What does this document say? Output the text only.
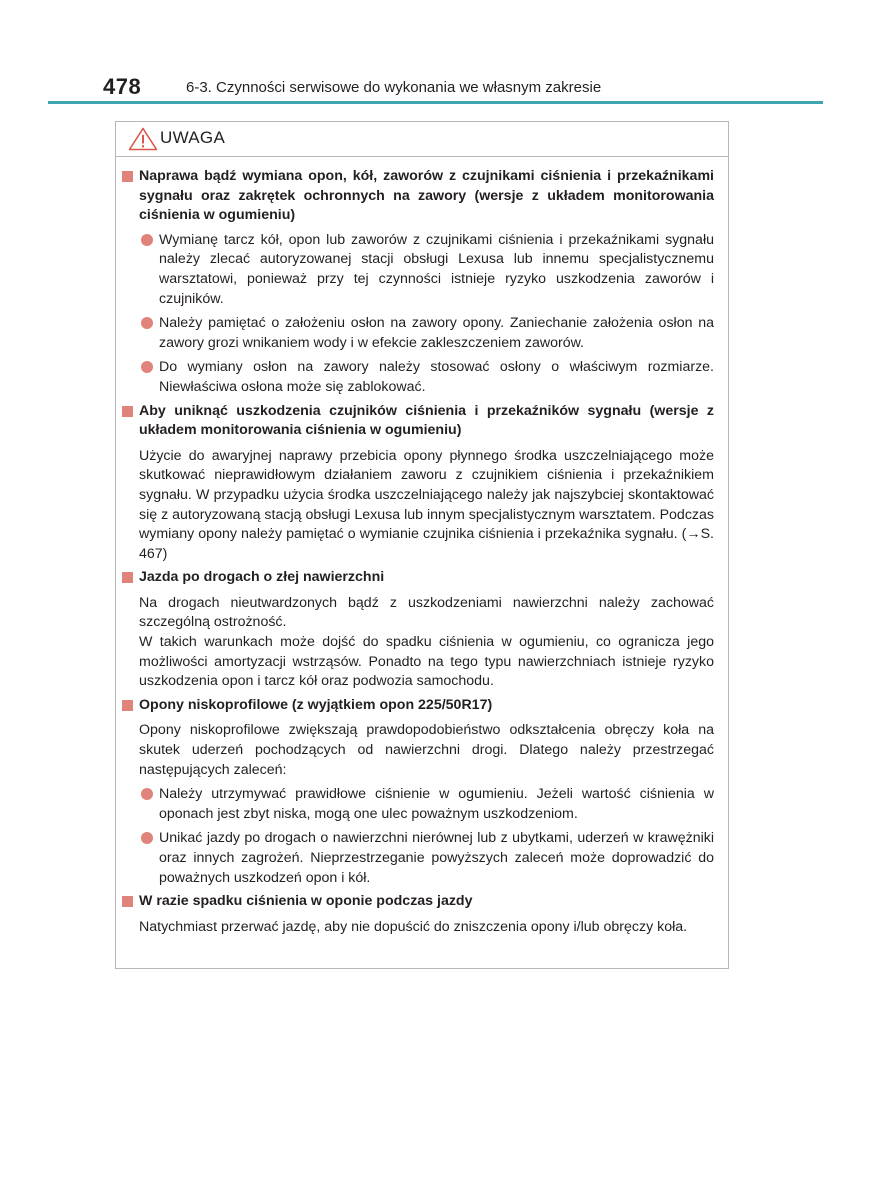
478	6-3. Czynności serwisowe do wykonania we własnym zakresie
UWAGA
Naprawa bądź wymiana opon, kół, zaworów z czujnikami ciśnienia i przekaźnikami sygnału oraz zakrętek ochronnych na zawory (wersje z układem monitorowania ciśnienia w ogumieniu)
Wymianę tarcz kół, opon lub zaworów z czujnikami ciśnienia i przekaźnikami sygnału należy zlecać autoryzowanej stacji obsługi Lexusa lub innemu specjalistycznemu warsztatowi, ponieważ przy tej czynności istnieje ryzyko uszkodzenia zaworów i czujników.
Należy pamiętać o założeniu osłon na zawory opony. Zaniechanie założenia osłon na zawory grozi wnikaniem wody i w efekcie zakleszczeniem zaworów.
Do wymiany osłon na zawory należy stosować osłony o właściwym rozmiarze. Niewłaściwa osłona może się zablokować.
Aby uniknąć uszkodzenia czujników ciśnienia i przekaźników sygnału (wersje z układem monitorowania ciśnienia w ogumieniu)
Użycie do awaryjnej naprawy przebicia opony płynnego środka uszczelniającego może skutkować nieprawidłowym działaniem zaworu z czujnikiem ciśnienia i przekaźnikiem sygnału. W przypadku użycia środka uszczelniającego należy jak najszybciej skontaktować się z autoryzowaną stacją obsługi Lexusa lub innym specjalistycznym warsztatem. Podczas wymiany opony należy pamiętać o wymianie czujnika ciśnienia i przekaźnika sygnału. (→S. 467)
Jazda po drogach o złej nawierzchni
Na drogach nieutwardzonych bądź z uszkodzeniami nawierzchni należy zachować szczególną ostrożność.
W takich warunkach może dojść do spadku ciśnienia w ogumieniu, co ogranicza jego możliwości amortyzacji wstrząsów. Ponadto na tego typu nawierzchniach istnieje ryzyko uszkodzenia opon i tarcz kół oraz podwozia samochodu.
Opony niskoprofilowe (z wyjątkiem opon 225/50R17)
Opony niskoprofilowe zwiększają prawdopodobieństwo odkształcenia obręczy koła na skutek uderzeń pochodzących od nawierzchni drogi. Dlatego należy przestrzegać następujących zaleceń:
Należy utrzymywać prawidłowe ciśnienie w ogumieniu. Jeżeli wartość ciśnienia w oponach jest zbyt niska, mogą one ulec poważnym uszkodzeniom.
Unikać jazdy po drogach o nawierzchni nierównej lub z ubytkami, uderzeń w krawężniki oraz innych zagrożeń. Nieprzestrzeganie powyższych zaleceń może doprowadzić do poważnych uszkodzeń opon i kół.
W razie spadku ciśnienia w oponie podczas jazdy
Natychmiast przerwać jazdę, aby nie dopuścić do zniszczenia opony i/lub obręczy koła.
